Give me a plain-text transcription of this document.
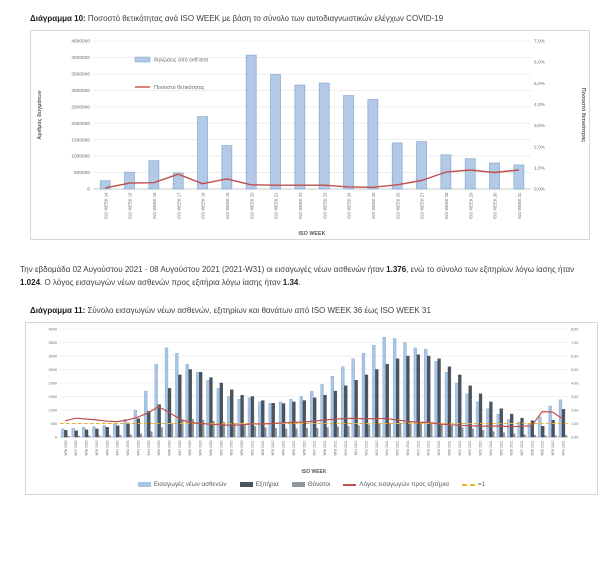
Διάγραμμα 10: Ποσοστό θετικότητας ανά ISO WEEK με βάση το σύνολο των αυτοδιαγνωστικών ελέγχων COVID-19

0
500000
1000000
1500000
2000000
2500000
3000000
3500000
4000000
4500000
0,0%
1,0%
2,0%
3,0%
4,0%
5,0%
6,0%
7,0%
ISO WEEK 14	ISO WEEK 15	ISO WEEK 16	ISO WEEK 17	ISO WEEK 18	ISO WEEK 19	ISO WEEK 20	ISO WEEK 21	ISO WEEK 22	ISO WEEK 23	ISO WEEK 24	ISO WEEK 25	ISO WEEK 26	ISO WEEK 27	ISO WEEK 28	ISO WEEK 29	ISO WEEK 30	ISO WEEK 31
Αριθμός δειγμάτων	Ποσοστό θετικότητας
ISO WEEK
δηλώσεις από self-test
Ποσοστό θετικότητας

Την εβδομάδα 02 Αυγούστου 2021 - 08 Αυγούστου 2021 (2021-W31) οι εισαγωγές νέων ασθενών ήταν 1.376, ενώ το σύνολο των εξιτηρίων λόγω ίασης ήταν 1.024. Ο λόγος εισαγωγών νέων ασθενών προς εξιτήρια λόγω ίασης ήταν 1.34.

Διάγραμμα 11: Σύνολο εισαγωγών νέων ασθενών, εξιτηρίων και θανάτων από ISO WEEK 36 έως ISO WEEK 31

0
500
1000
1500
2000
2500
3000
3500
4000
0,00
1,00
2,00
3,00
4,00
5,00
6,00
7,00
8,00
W36 2020 W37 2020 W38 2020 W39 2020 W40 2020 W41 2020 W42 2020 W43 2020 W44 2020 W45 2020 W46 2020 W47 2020 W48 2020 W49 2020 W50 2020 W51 2020 W52 2020 W53 2020 W01 2021 W02 2021 W03 2021 W04 2021 W05 2021 W06 2021 W07 2021 W08 2021 W09 2021 W10 2021 W11 2021 W12 2021 W13 2021 W14 2021 W15 2021 W16 2021 W17 2021 W18 2021 W19 2021 W20 2021 W21 2021 W22 2021 W23 2021 W24 2021 W25 2021 W26 2021 W27 2021 W28 2021 W29 2021 W30 2021 W31 2021
ISO WEEK
Εισαγωγές νέων ασθενών	Εξιτήρια	Θάνατοι	Λόγος εισαγωγών προς εξιτήρια	=1
